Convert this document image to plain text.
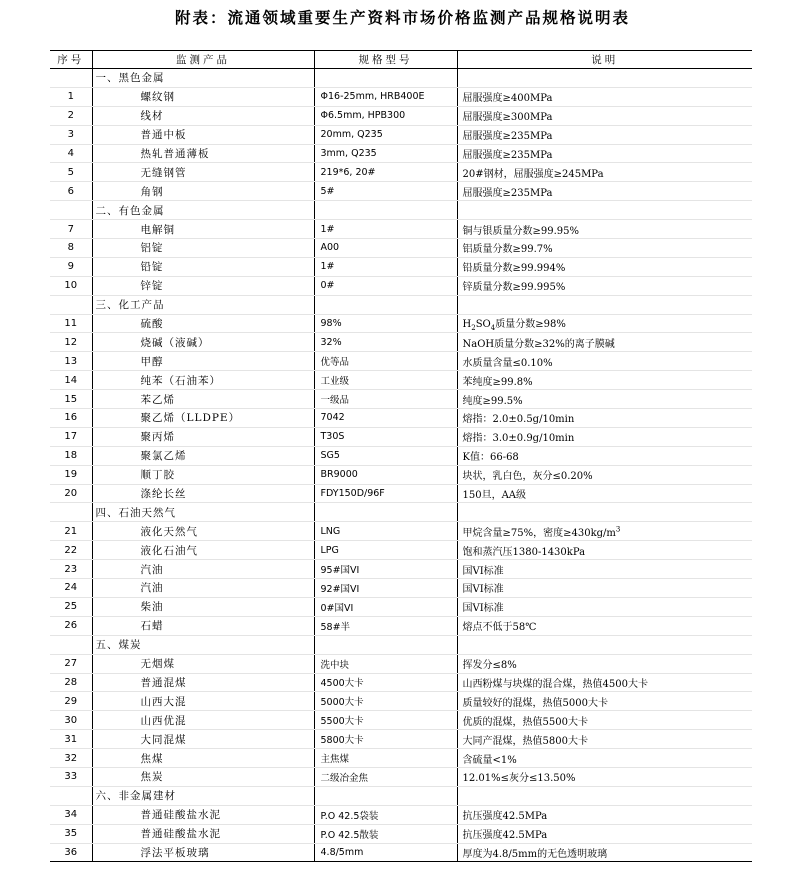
附表：流通领域重要生产资料市场价格监测产品规格说明表
序号	监测产品	规格型号	说明
	一、黑色金属		
1	螺纹钢	Φ16-25mm, HRB400E	屈服强度≥400MPa
2	线材	Φ6.5mm, HPB300	屈服强度≥300MPa
3	普通中板	20mm, Q235	屈服强度≥235MPa
4	热轧普通薄板	3mm, Q235	屈服强度≥235MPa
5	无缝钢管	219*6, 20#	20#钢材，屈服强度≥245MPa
6	角钢	5#	屈服强度≥235MPa
	二、有色金属		
7	电解铜	1#	铜与银质量分数≥99.95%
8	铝锭	A00	铝质量分数≥99.7%
9	铅锭	1#	铅质量分数≥99.994%
10	锌锭	0#	锌质量分数≥99.995%
	三、化工产品		
11	硫酸	98%	$H_2SO_4$质量分数≥98%
12	烧碱（液碱）	32%	NaOH质量分数≥32%的离子膜碱
13	甲醇	优等品	水质量含量≤0.10%
14	纯苯（石油苯）	工业级	苯纯度≥99.8%
15	苯乙烯	一级品	纯度≥99.5%
16	聚乙烯（LLDPE）	7042	熔指：2.0±0.5g/10min
17	聚丙烯	T30S	熔指：3.0±0.9g/10min
18	聚氯乙烯	SG5	K值：66-68
19	顺丁胶	BR9000	块状，乳白色，灰分≤0.20%
20	涤纶长丝	FDY150D/96F	150旦，AA级
	四、石油天然气		
21	液化天然气	LNG	甲烷含量≥75%，密度$\ge 430kg/m^3$
22	液化石油气	LPG	饱和蒸汽压1380-1430kPa
23	汽油	95#国VI	国VI标准
24	汽油	92#国VI	国VI标准
25	柴油	0#国VI	国VI标准
26	石蜡	58#半	熔点不低于58℃
	五、煤炭		
27	无烟煤	洗中块	挥发分≤8%
28	普通混煤	4500大卡	山西粉煤与块煤的混合煤，热值4500大卡
29	山西大混	5000大卡	质量较好的混煤，热值5000大卡
30	山西优混	5500大卡	优质的混煤，热值5500大卡
31	大同混煤	5800大卡	大同产混煤，热值5800大卡
32	焦煤	主焦煤	含硫量<1%
33	焦炭	二级冶金焦	12.01%≤灰分≤13.50%
	六、非金属建材		
34	普通硅酸盐水泥	P.O 42.5袋装	抗压强度42.5MPa
35	普通硅酸盐水泥	P.O 42.5散装	抗压强度42.5MPa
36	浮法平板玻璃	4.8/5mm	厚度为4.8/5mm的无色透明玻璃
